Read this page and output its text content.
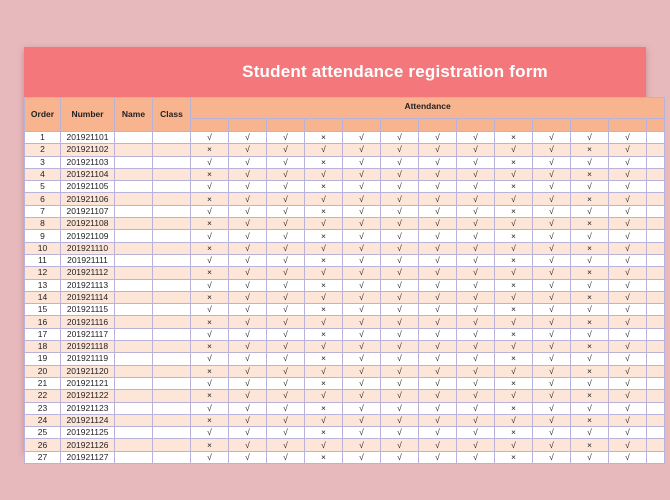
Student attendance registration form
Order	Number	Name	Class	Attendance												

1	201921101			√	√	√	×	√	√	√	√	×	√	√	√	
2	201921102			×	√	√	√	√	√	√	√	√	√	×	√	
3	201921103			√	√	√	×	√	√	√	√	×	√	√	√	
4	201921104			×	√	√	√	√	√	√	√	√	√	×	√	
5	201921105			√	√	√	×	√	√	√	√	×	√	√	√	
6	201921106			×	√	√	√	√	√	√	√	√	√	×	√	
7	201921107			√	√	√	×	√	√	√	√	×	√	√	√	
8	201921108			×	√	√	√	√	√	√	√	√	√	×	√	
9	201921109			√	√	√	×	√	√	√	√	×	√	√	√	
10	201921110			×	√	√	√	√	√	√	√	√	√	×	√	
11	201921111			√	√	√	×	√	√	√	√	×	√	√	√	
12	201921112			×	√	√	√	√	√	√	√	√	√	×	√	
13	201921113			√	√	√	×	√	√	√	√	×	√	√	√	
14	201921114			×	√	√	√	√	√	√	√	√	√	×	√	
15	201921115			√	√	√	×	√	√	√	√	×	√	√	√	
16	201921116			×	√	√	√	√	√	√	√	√	√	×	√	
17	201921117			√	√	√	×	√	√	√	√	×	√	√	√	
18	201921118			×	√	√	√	√	√	√	√	√	√	×	√	
19	201921119			√	√	√	×	√	√	√	√	×	√	√	√	
20	201921120			×	√	√	√	√	√	√	√	√	√	×	√	
21	201921121			√	√	√	×	√	√	√	√	×	√	√	√	
22	201921122			×	√	√	√	√	√	√	√	√	√	×	√	
23	201921123			√	√	√	×	√	√	√	√	×	√	√	√	
24	201921124			×	√	√	√	√	√	√	√	√	√	×	√	
25	201921125			√	√	√	×	√	√	√	√	×	√	√	√	
26	201921126			×	√	√	√	√	√	√	√	√	√	×	√	
27	201921127			√	√	√	×	√	√	√	√	×	√	√	√	
